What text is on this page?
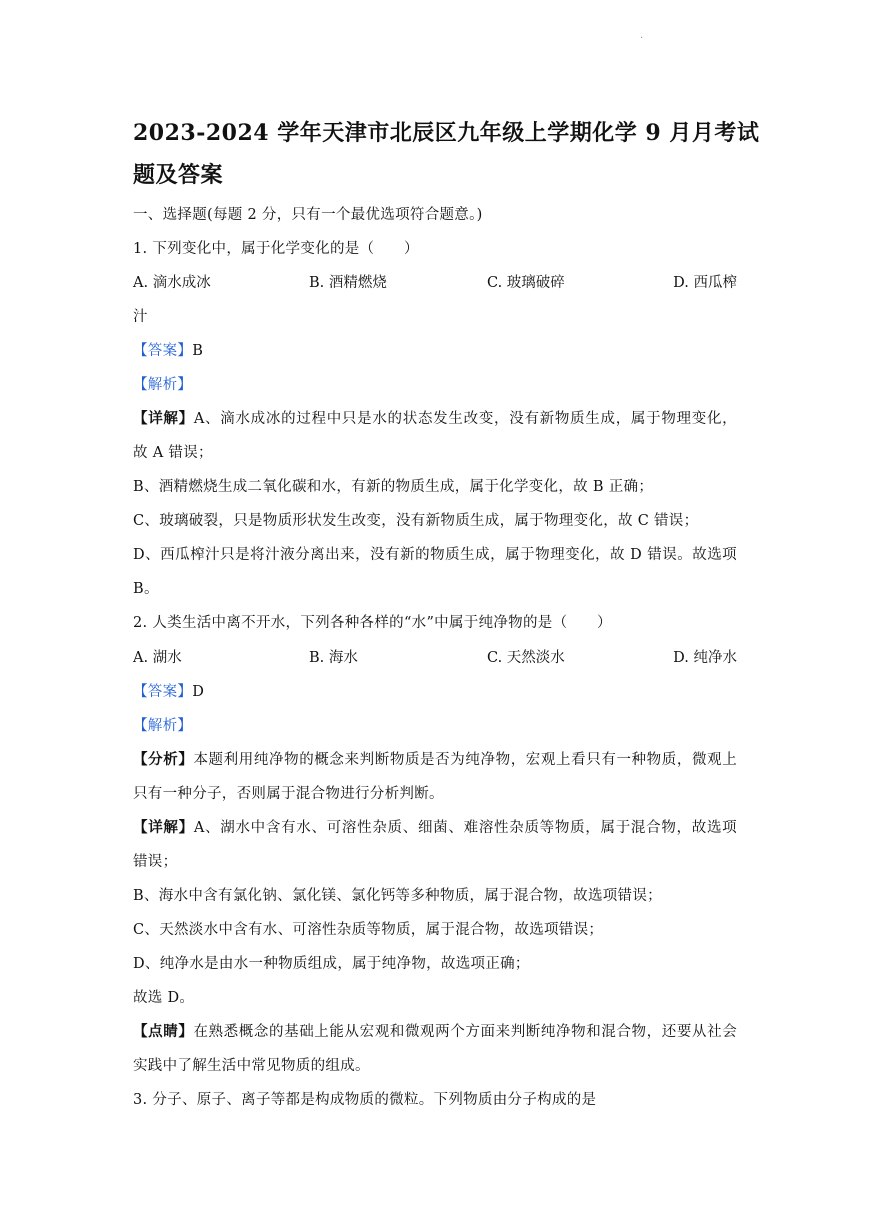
.
2023-2024 学年天津市北辰区九年级上学期化学 9 月月考试
题及答案
一、选择题(每题 2 分，只有一个最优选项符合题意。)
1. 下列变化中，属于化学变化的是（　　）
A. 滴水成冰	B. 酒精燃烧	C. 玻璃破碎	D. 西瓜榨
汁
【答案】B
【解析】
【详解】A、滴水成冰的过程中只是水的状态发生改变，没有新物质生成，属于物理变化，
故 A 错误；
B、酒精燃烧生成二氧化碳和水，有新的物质生成，属于化学变化，故 B 正确；
C、玻璃破裂，只是物质形状发生改变，没有新物质生成，属于物理变化，故 C 错误；
D、西瓜榨汁只是将汁液分离出来，没有新的物质生成，属于物理变化，故 D 错误。故选项
B。
2. 人类生活中离不开水，下列各种各样的“水”中属于纯净物的是（　　）
A. 湖水	B. 海水	C. 天然淡水	D. 纯净水
【答案】D
【解析】
【分析】本题利用纯净物的概念来判断物质是否为纯净物，宏观上看只有一种物质，微观上
只有一种分子，否则属于混合物进行分析判断。
【详解】A、湖水中含有水、可溶性杂质、细菌、难溶性杂质等物质，属于混合物，故选项
错误；
B、海水中含有氯化钠、氯化镁、氯化钙等多种物质，属于混合物，故选项错误；
C、天然淡水中含有水、可溶性杂质等物质，属于混合物，故选项错误；
D、纯净水是由水一种物质组成，属于纯净物，故选项正确；
故选 D。
【点睛】在熟悉概念的基础上能从宏观和微观两个方面来判断纯净物和混合物，还要从社会
实践中了解生活中常见物质的组成。
3. 分子、原子、离子等都是构成物质的微粒。下列物质由分子构成的是
